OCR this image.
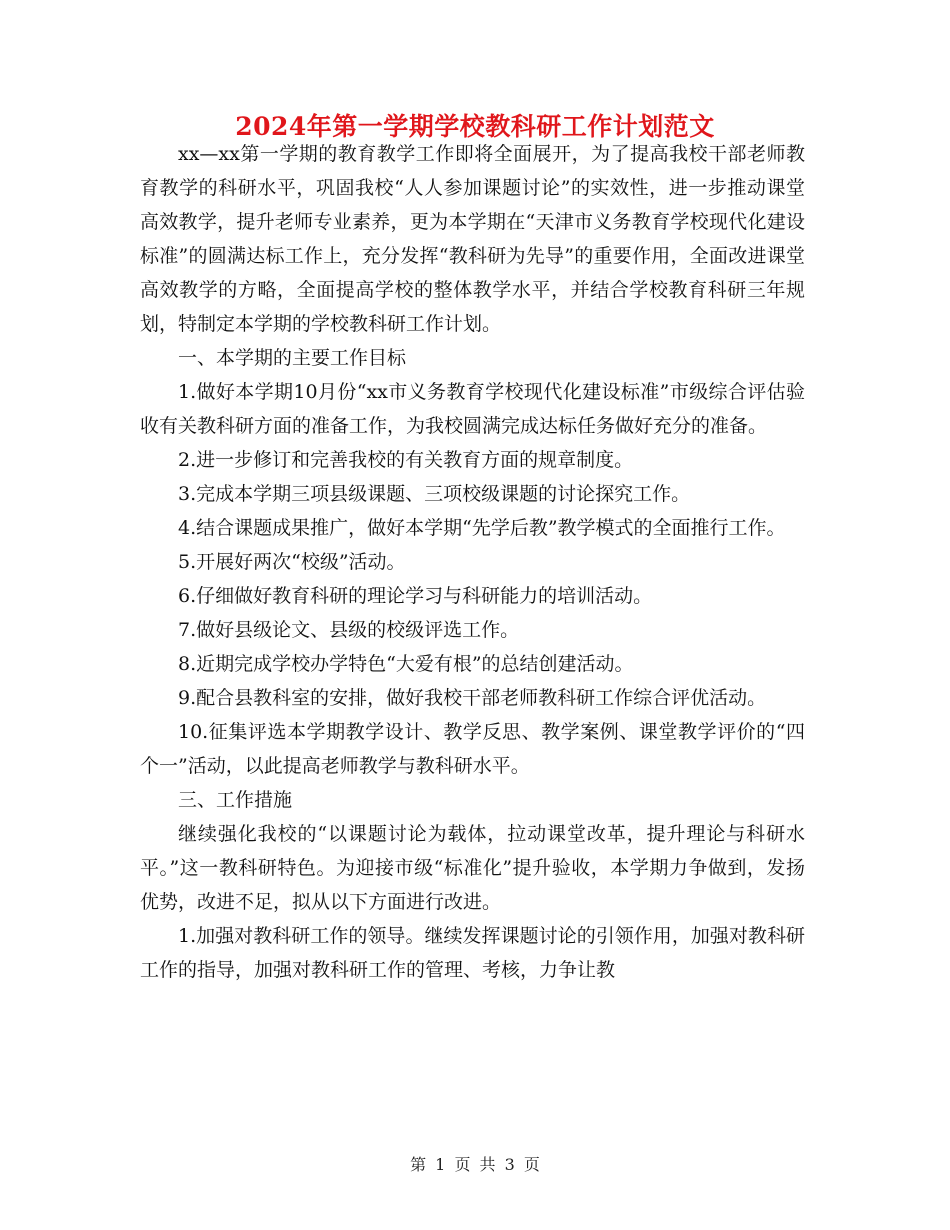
2024年第一学期学校教科研工作计划范文

xx—xx第一学期的教育教学工作即将全面展开，为了提高我校干部老师教育教学的科研水平，巩固我校“人人参加课题讨论”的实效性，进一步推动课堂高效教学，提升老师专业素养，更为本学期在“天津市义务教育学校现代化建设标准”的圆满达标工作上，充分发挥“教科研为先导”的重要作用，全面改进课堂高效教学的方略，全面提高学校的整体教学水平，并结合学校教育科研三年规划，特制定本学期的学校教科研工作计划。

一、本学期的主要工作目标

1.做好本学期10月份“xx市义务教育学校现代化建设标准”市级综合评估验收有关教科研方面的准备工作，为我校圆满完成达标任务做好充分的准备。

2.进一步修订和完善我校的有关教育方面的规章制度。

3.完成本学期三项县级课题、三项校级课题的讨论探究工作。

4.结合课题成果推广，做好本学期“先学后教”教学模式的全面推行工作。

5.开展好两次“校级”活动。

6.仔细做好教育科研的理论学习与科研能力的培训活动。

7.做好县级论文、县级的校级评选工作。

8.近期完成学校办学特色“大爱有根”的总结创建活动。

9.配合县教科室的安排，做好我校干部老师教科研工作综合评优活动。

10.征集评选本学期教学设计、教学反思、教学案例、课堂教学评价的“四个一”活动，以此提高老师教学与教科研水平。

三、工作措施

继续强化我校的“以课题讨论为载体，拉动课堂改革，提升理论与科研水平。”这一教科研特色。为迎接市级“标准化”提升验收，本学期力争做到，发扬优势，改进不足，拟从以下方面进行改进。

1.加强对教科研工作的领导。继续发挥课题讨论的引领作用，加强对教科研工作的指导，加强对教科研工作的管理、考核，力争让教

第 1 页 共 3 页
